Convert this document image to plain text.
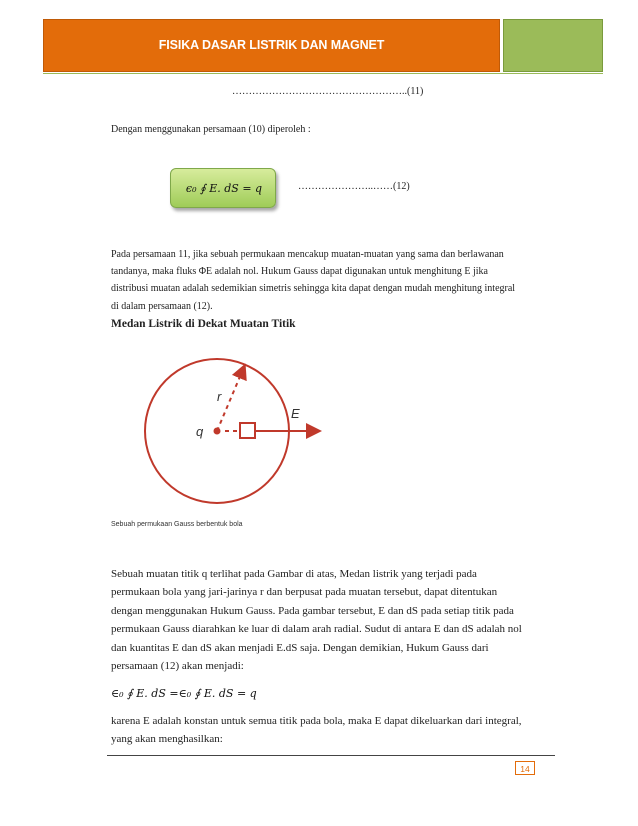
FISIKA DASAR LISTRIK DAN MAGNET
……………………………………………..(11)
Dengan menggunakan persamaan (10) diperoleh :
ϵ₀ ∮ E. dS = q	…………………..……(12)
Pada persamaan 11, jika sebuah permukaan mencakup muatan-muatan yang sama dan berlawanan
tandanya, maka fluks ΦE adalah nol. Hukum Gauss dapat digunakan untuk menghitung E jika
distribusi muatan adalah sedemikian simetris sehingga kita dapat dengan mudah menghitung integral
di dalam persamaan (12).
Medan Listrik di Dekat Muatan Titik
r
q
E
Sebuah permukaan Gauss berbentuk bola
Sebuah muatan titik q terlihat pada Gambar di atas, Medan listrik yang terjadi pada
permukaan bola yang jari-jarinya r dan berpusat pada muatan tersebut, dapat ditentukan
dengan menggunakan Hukum Gauss. Pada gambar tersebut, E dan dS pada setiap titik pada
permukaan Gauss diarahkan ke luar di dalam arah radial. Sudut di antara E dan dS adalah nol
dan kuantitas E dan dS akan menjadi E.dS saja. Dengan demikian, Hukum Gauss dari
persamaan (12) akan menjadi:
∈₀ ∮ E. dS =∈₀ ∮ E. dS = q
karena E adalah konstan untuk semua titik pada bola, maka E dapat dikeluarkan dari integral,
yang akan menghasilkan:
14
